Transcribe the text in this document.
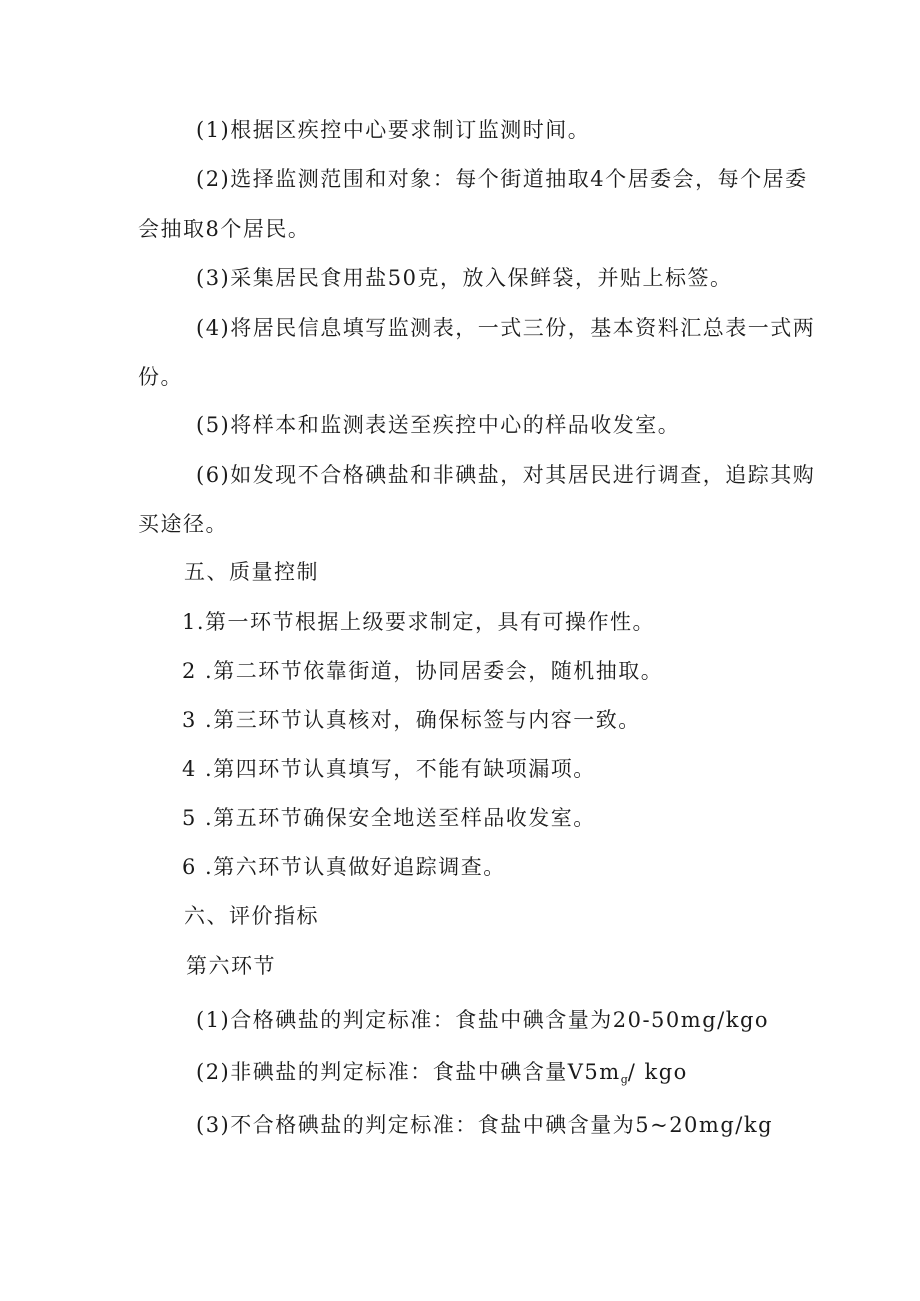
(1)根据区疾控中心要求制订监测时间。
(2)选择监测范围和对象：每个街道抽取4个居委会，每个居委
会抽取8个居民。
(3)采集居民食用盐50克，放入保鲜袋，并贴上标签。
(4)将居民信息填写监测表，一式三份，基本资料汇总表一式两
份。
(5)将样本和监测表送至疾控中心的样品收发室。
(6)如发现不合格碘盐和非碘盐，对其居民进行调查，追踪其购
买途径。
五、质量控制
1.第一环节根据上级要求制定，具有可操作性。
2 .第二环节依靠街道，协同居委会，随机抽取。
3 .第三环节认真核对，确保标签与内容一致。
4 .第四环节认真填写，不能有缺项漏项。
5 .第五环节确保安全地送至样品收发室。
6 .第六环节认真做好追踪调查。
六、评价指标
第六环节
(1)合格碘盐的判定标准：食盐中碘含量为20-50mg/kgo
(2)非碘盐的判定标准：食盐中碘含量$V5m_g/$ kgo
(3)不合格碘盐的判定标准：食盐中碘含量为5~20mg/kg
